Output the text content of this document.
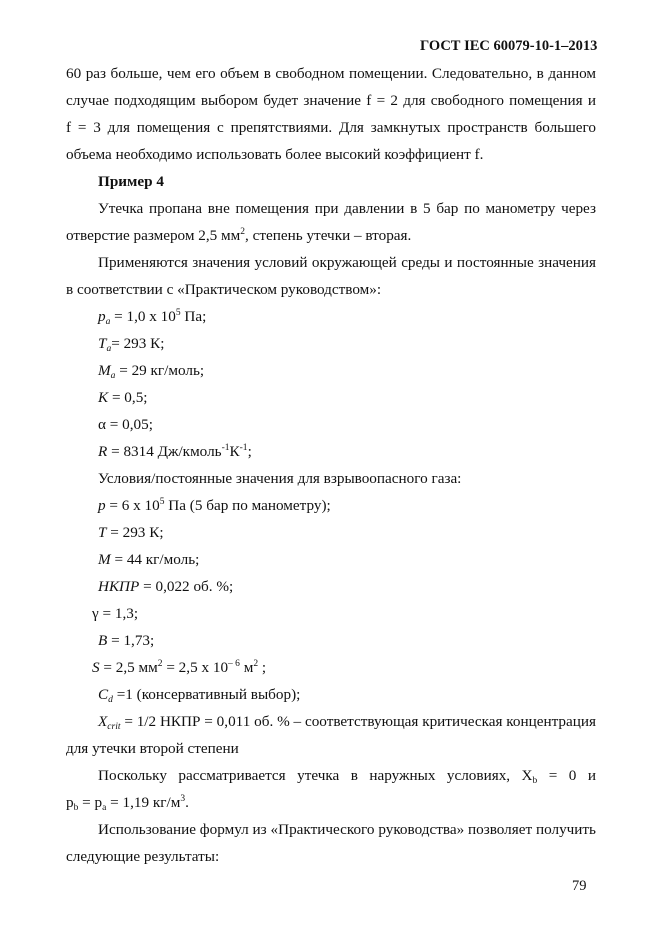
ГОСТ IEC 60079-10-1–2013
60 раз больше, чем его объем в свободном помещении. Следовательно, в данном
случае подходящим выбором будет значение f = 2 для свободного помещения и
f = 3 для помещения с препятствиями. Для замкнутых пространств большего
объема необходимо использовать более высокий коэффициент f.
Пример 4
Утечка пропана вне помещения при давлении в 5 бар по манометру через
отверстие размером 2,5 $мм^2$, степень утечки – вторая.
Применяются значения условий окружающей среды и постоянные значения
в соответствии с «Практическом руководством»:
$p_a = 1,0$ х $10^5$ Па;
$T_a= 293$ К;
$M_a = 29$ кг/моль;
K = 0,5;
α = 0,05;
R = 8314 $Дж/кмоль^{-1}К^{-1}$;
Условия/постоянные значения для взрывоопасного газа:
p = 6 х $10^5$ Па (5 бар по манометру);
T = 293 К;
M = 44 кг/моль;
НКПР = 0,022 об. %;
γ = 1,3;
B = 1,73;
S = 2,5 $мм^2 = 2,5$ х $10^{- 6}$ $м^2$ ;
$C_d =1$ (консервативный выбор);
$X_{crit} = 1/2$ НКПР = 0,011 об. % – соответствующая критическая концентрация
для утечки второй степени
Поскольку рассматривается утечка в наружных условиях, $X_b = 0$ и
$p_b = p_a = 1,19$ $кг/м^3$.
Использование формул из «Практического руководства» позволяет получить
следующие результаты:
79
